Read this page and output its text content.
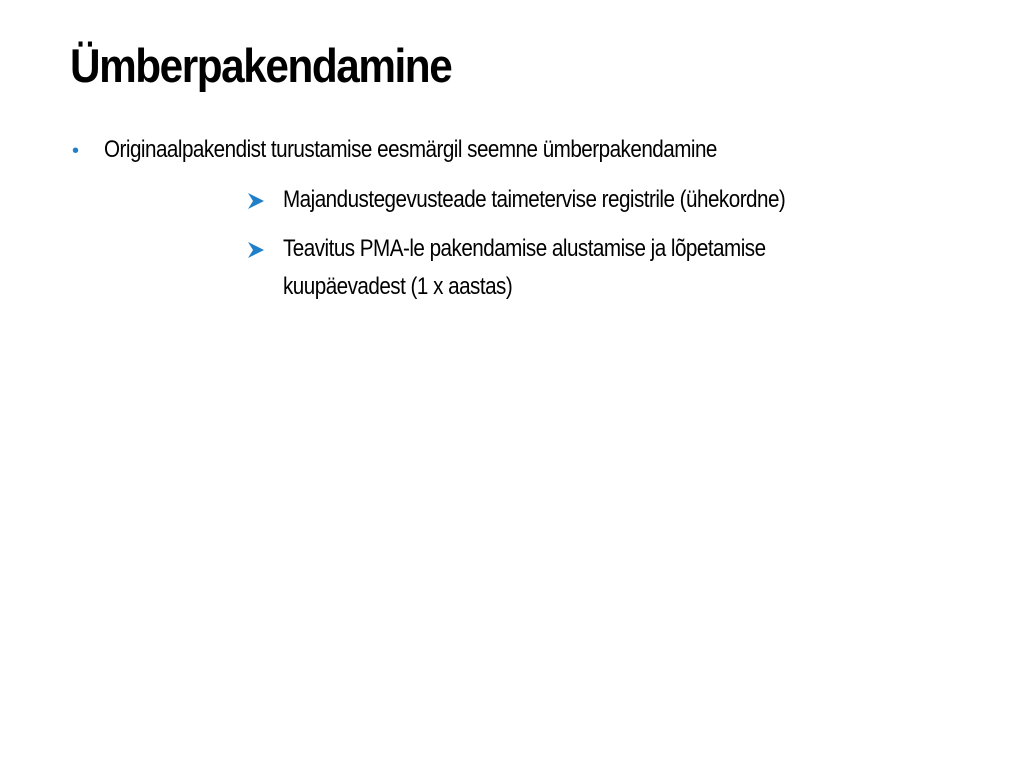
Ümberpakendamine
• Originaalpakendist turustamise eesmärgil seemne ümberpakendamine
Majandustegevusteade taimetervise registrile (ühekordne)
Teavitus PMA-le pakendamise alustamise ja lõpetamise
kuupäevadest (1 x aastas)
